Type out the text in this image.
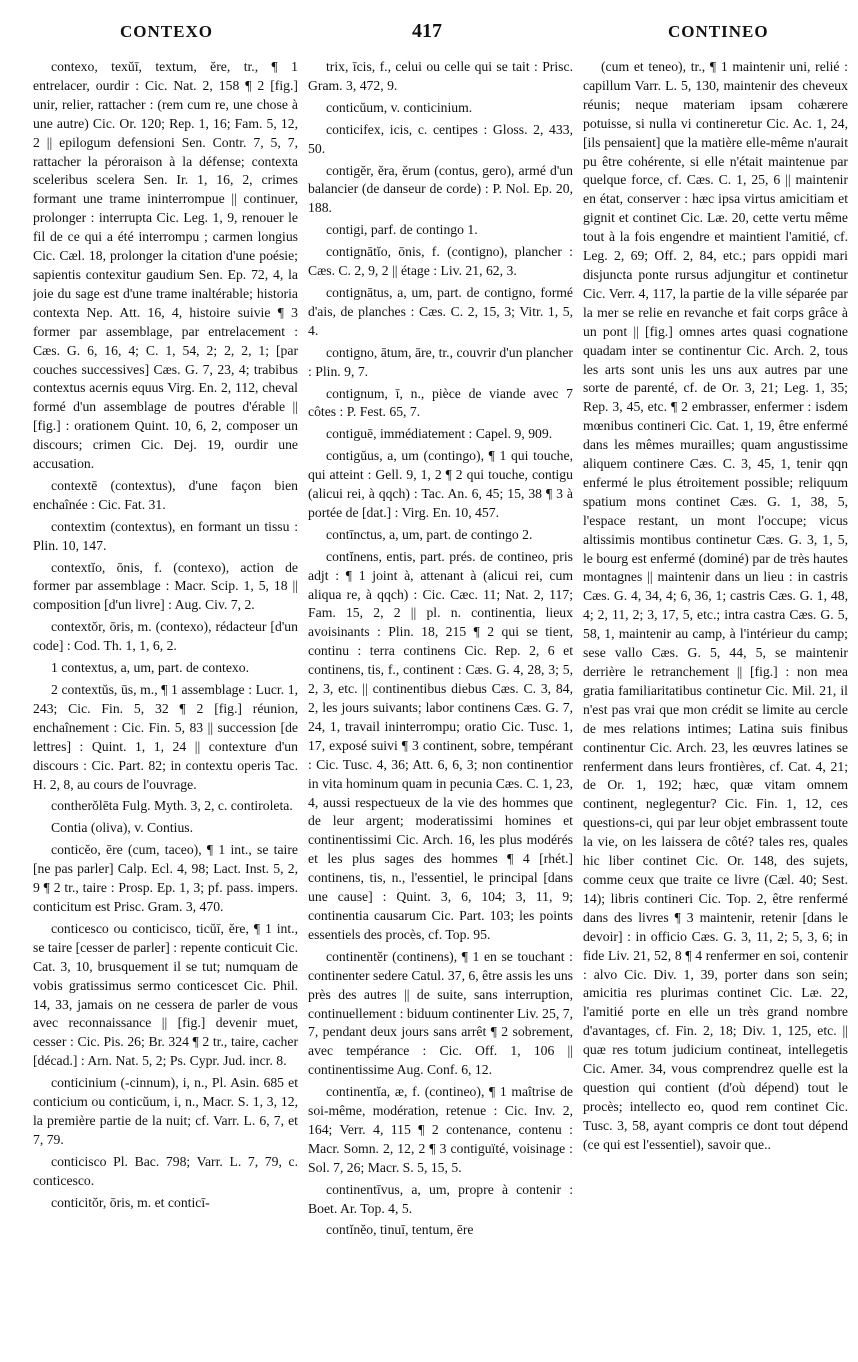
CONTEXO	417	CONTINEO

contexo, texŭī, textum, ĕre, tr., ¶ 1 entrelacer, ourdir : Cic. Nat. 2, 158 ¶ 2 [fig.] unir, relier, rattacher : (rem cum re, une chose à une autre) Cic. Or. 120; Rep. 1, 16; Fam. 5, 12, 2 || epilogum defensioni Sen. Contr. 7, 5, 7, rattacher la péroraison à la défense; contexta sceleribus scelera Sen. Ir. 1, 16, 2, crimes formant une trame ininterrompue || continuer, prolonger : interrupta Cic. Leg. 1, 9, renouer le fil de ce qui a été interrompu ; carmen longius Cic. Cæl. 18, prolonger la citation d'une poésie; sapientis contexitur gaudium Sen. Ep. 72, 4, la joie du sage est d'une trame inaltérable; historia contexta Nep. Att. 16, 4, histoire suivie ¶ 3 former par assemblage, par entrelacement : Cæs. G. 6, 16, 4; C. 1, 54, 2; 2, 2, 1; [par couches successives] Cæs. G. 7, 23, 4; trabibus contextus acernis equus Virg. En. 2, 112, cheval formé d'un assemblage de poutres d'érable || [fig.] : orationem Quint. 10, 6, 2, composer un discours; crimen Cic. Dej. 19, ourdir une accusation.

contextē (contextus), d'une façon bien enchaînée : Cic. Fat. 31.

contextim (contextus), en formant un tissu : Plin. 10, 147.

contextĭo, ōnis, f. (contexo), action de former par assemblage : Macr. Scip. 1, 5, 18 || composition [d'un livre] : Aug. Civ. 7, 2.

contextŏr, ōris, m. (contexo), rédacteur [d'un code] : Cod. Th. 1, 1, 6, 2.

1 contextus, a, um, part. de contexo.

2 contextŭs, ūs, m., ¶ 1 assemblage : Lucr. 1, 243; Cic. Fin. 5, 32 ¶ 2 [fig.] réunion, enchaînement : Cic. Fin. 5, 83 || succession [de lettres] : Quint. 1, 1, 24 || contexture d'un discours : Cic. Part. 82; in contextu operis Tac. H. 2, 8, au cours de l'ouvrage.

contherŏlēta Fulg. Myth. 3, 2, c. contiroleta.

Contia (oliva), v. Contius.

conticĕo, ēre (cum, taceo), ¶ 1 int., se taire [ne pas parler] Calp. Ecl. 4, 98; Lact. Inst. 5, 2, 9 ¶ 2 tr., taire : Prosp. Ep. 1, 3; pf. pass. impers. conticitum est Prisc. Gram. 3, 470.

conticesco ou conticisco, ticŭī, ĕre, ¶ 1 int., se taire [cesser de parler] : repente conticuit Cic. Cat. 3, 10, brusquement il se tut; numquam de vobis gratissimus sermo conticescet Cic. Phil. 14, 33, jamais on ne cessera de parler de vous avec reconnaissance || [fig.] devenir muet, cesser : Cic. Pis. 26; Br. 324 ¶ 2 tr., taire, cacher [décad.] : Arn. Nat. 5, 2; Ps. Cypr. Jud. incr. 8.

conticinium (-cinnum), i, n., Pl. Asin. 685 et conticium ou conticŭum, i, n., Macr. S. 1, 3, 12, la première partie de la nuit; cf. Varr. L. 6, 7, et 7, 79.

conticisco Pl. Bac. 798; Varr. L. 7, 79, c. conticesco.

conticitŏr, ōris, m. et conticī-

trix, īcis, f., celui ou celle qui se tait : Prisc. Gram. 3, 472, 9.

conticŭum, v. conticinium.

conticifex, icis, c. centipes : Gloss. 2, 433, 50.

contigĕr, ĕra, ĕrum (contus, gero), armé d'un balancier (de danseur de corde) : P. Nol. Ep. 20, 188.

contigi, parf. de contingo 1.

contignātĭo, ōnis, f. (contigno), plancher : Cæs. C. 2, 9, 2 || étage : Liv. 21, 62, 3.

contignātus, a, um, part. de contigno, formé d'ais, de planches : Cæs. C. 2, 15, 3; Vitr. 1, 5, 4.

contigno, ātum, āre, tr., couvrir d'un plancher : Plin. 9, 7.

contignum, ī, n., pièce de viande avec 7 côtes : P. Fest. 65, 7.

contiguē, immédiatement : Capel. 9, 909.

contigŭus, a, um (contingo), ¶ 1 qui touche, qui atteint : Gell. 9, 1, 2 ¶ 2 qui touche, contigu (alicui rei, à qqch) : Tac. An. 6, 45; 15, 38 ¶ 3 à portée de [dat.] : Virg. En. 10, 457.

contīnctus, a, um, part. de contingo 2.

contĭnens, entis, part. prés. de contineo, pris adjt : ¶ 1 joint à, attenant à (alicui rei, cum aliqua re, à qqch) : Cic. Cæc. 11; Nat. 2, 117; Fam. 15, 2, 2 || pl. n. continentia, lieux avoisinants : Plin. 18, 215 ¶ 2 qui se tient, continu : terra continens Cic. Rep. 2, 6 et continens, tis, f., continent : Cæs. G. 4, 28, 3; 5, 2, 3, etc. || continentibus diebus Cæs. C. 3, 84, 2, les jours suivants; labor continens Cæs. G. 7, 24, 1, travail ininterrompu; oratio Cic. Tusc. 1, 17, exposé suivi ¶ 3 continent, sobre, tempérant : Cic. Tusc. 4, 36; Att. 6, 6, 3; non continentior in vita hominum quam in pecunia Cæs. C. 1, 23, 4, aussi respectueux de la vie des hommes que de leur argent; moderatissimi homines et continentissimi Cic. Arch. 16, les plus modérés et les plus sages des hommes ¶ 4 [rhét.] continens, tis, n., l'essentiel, le principal [dans une cause] : Quint. 3, 6, 104; 3, 11, 9; continentia causarum Cic. Part. 103; les points essentiels des procès, cf. Top. 95.

continentĕr (continens), ¶ 1 en se touchant : continenter sedere Catul. 37, 6, être assis les uns près des autres || de suite, sans interruption, continuellement : biduum continenter Liv. 25, 7, 7, pendant deux jours sans arrêt ¶ 2 sobrement, avec tempérance : Cic. Off. 1, 106 || continentissime Aug. Conf. 6, 12.

continentĭa, æ, f. (contineo), ¶ 1 maîtrise de soi-même, modération, retenue : Cic. Inv. 2, 164; Verr. 4, 115 ¶ 2 contenance, contenu : Macr. Somn. 2, 12, 2 ¶ 3 contiguïté, voisinage : Sol. 7, 26; Macr. S. 5, 15, 5.

continentīvus, a, um, propre à contenir : Boet. Ar. Top. 4, 5.

contĭnĕo, tinuī, tentum, ēre

(cum et teneo), tr., ¶ 1 maintenir uni, relié : capillum Varr. L. 5, 130, maintenir des cheveux réunis; neque materiam ipsam cohærere potuisse, si nulla vi contineretur Cic. Ac. 1, 24, [ils pensaient] que la matière elle-même n'aurait pu être cohérente, si elle n'était maintenue par quelque force, cf. Cæs. C. 1, 25, 6 || maintenir en état, conserver : hæc ipsa virtus amicitiam et gignit et continet Cic. Læ. 20, cette vertu même tout à la fois engendre et maintient l'amitié, cf. Leg. 2, 69; Off. 2, 84, etc.; pars oppidi mari disjuncta ponte rursus adjungitur et continetur Cic. Verr. 4, 117, la partie de la ville séparée par la mer se relie en revanche et fait corps grâce à un pont || [fig.] omnes artes quasi cognatione quadam inter se continentur Cic. Arch. 2, tous les arts sont unis les uns aux autres par une sorte de parenté, cf. de Or. 3, 21; Leg. 1, 35; Rep. 3, 45, etc. ¶ 2 embrasser, enfermer : isdem mœnibus contineri Cic. Cat. 1, 19, être enfermé dans les mêmes murailles; quam angustissime aliquem continere Cæs. C. 3, 45, 1, tenir qqn enfermé le plus étroitement possible; reliquum spatium mons continet Cæs. G. 1, 38, 5, l'espace restant, un mont l'occupe; vicus altissimis montibus continetur Cæs. G. 3, 1, 5, le bourg est enfermé (dominé) par de très hautes montagnes || maintenir dans un lieu : in castris Cæs. G. 4, 34, 4; 6, 36, 1; castris Cæs. G. 1, 48, 4; 2, 11, 2; 3, 17, 5, etc.; intra castra Cæs. G. 5, 58, 1, maintenir au camp, à l'intérieur du camp; sese vallo Cæs. G. 5, 44, 5, se maintenir derrière le retranchement || [fig.] : non mea gratia familiaritatibus continetur Cic. Mil. 21, il n'est pas vrai que mon crédit se limite au cercle de mes relations intimes; Latina suis finibus continentur Cic. Arch. 23, les œuvres latines se renferment dans leurs frontières, cf. Cat. 4, 21; de Or. 1, 192; hæc, quæ vitam omnem continent, neglegentur? Cic. Fin. 1, 12, ces questions-ci, qui par leur objet embrassent toute la vie, on les laissera de côté? tales res, quales hic liber continet Cic. Or. 148, des sujets, comme ceux que traite ce livre (Cæl. 40; Sest. 14); libris contineri Cic. Top. 2, être renfermé dans des livres ¶ 3 maintenir, retenir [dans le devoir] : in officio Cæs. G. 3, 11, 2; 5, 3, 6; in fide Liv. 21, 52, 8 ¶ 4 renfermer en soi, contenir : alvo Cic. Div. 1, 39, porter dans son sein; amicitia res plurimas continet Cic. Læ. 22, l'amitié porte en elle un très grand nombre d'avantages, cf. Fin. 2, 18; Div. 1, 125, etc. || quæ res totum judicium contineat, intellegetis Cic. Amer. 34, vous comprendrez quelle est la question qui contient (d'où dépend) tout le procès; intellecto eo, quod rem continet Cic. Tusc. 3, 58, ayant compris ce dont tout dépend (ce qui est l'essentiel), savoir que..
